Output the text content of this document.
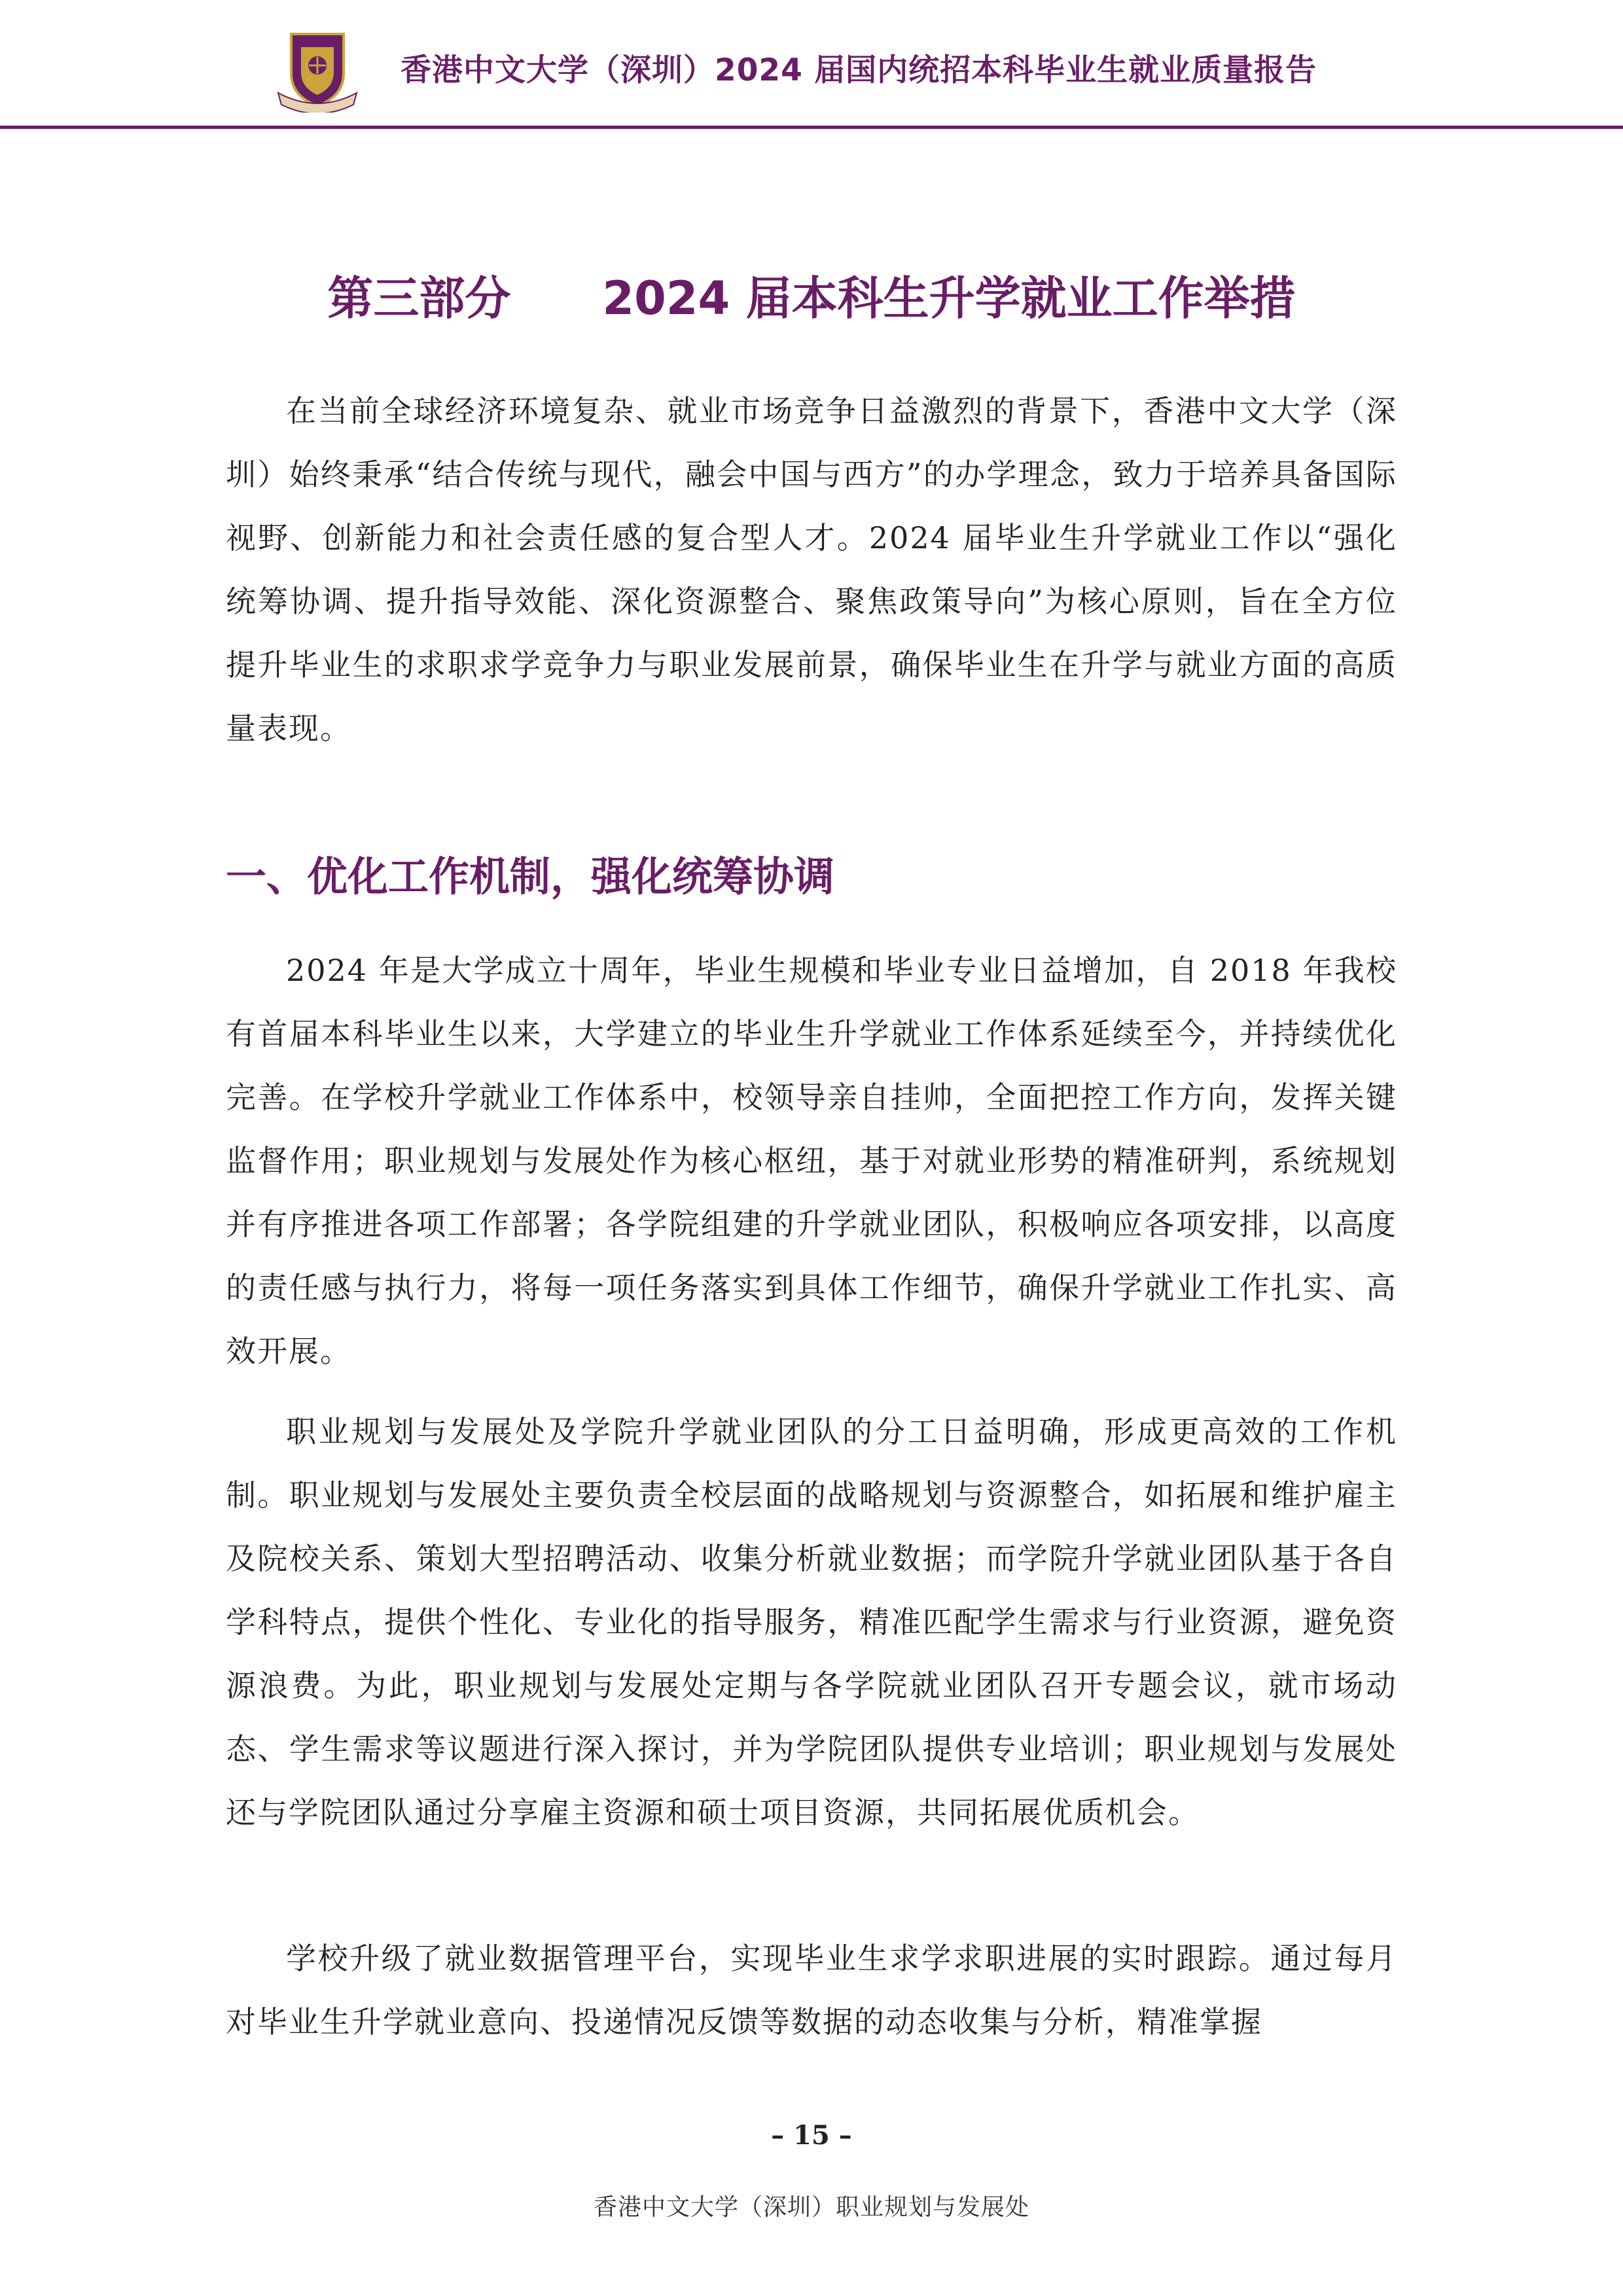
香港中文大学（深圳）2024 届国内统招本科毕业生就业质量报告
第三部分 2024 届本科生升学就业工作举措

在当前全球经济环境复杂、就业市场竞争日益激烈的背景下，香港中文大学（深圳）始终秉承“结合传统与现代，融会中国与西方”的办学理念，致力于培养具备国际视野、创新能力和社会责任感的复合型人才。2024 届毕业生升学就业工作以“强化统筹协调、提升指导效能、深化资源整合、聚焦政策导向”为核心原则，旨在全方位提升毕业生的求职求学竞争力与职业发展前景，确保毕业生在升学与就业方面的高质量表现。

一、优化工作机制，强化统筹协调

2024 年是大学成立十周年，毕业生规模和毕业专业日益增加，自 2018 年我校有首届本科毕业生以来，大学建立的毕业生升学就业工作体系延续至今，并持续优化完善。在学校升学就业工作体系中，校领导亲自挂帅，全面把控工作方向，发挥关键监督作用；职业规划与发展处作为核心枢纽，基于对就业形势的精准研判，系统规划并有序推进各项工作部署；各学院组建的升学就业团队，积极响应各项安排，以高度的责任感与执行力，将每一项任务落实到具体工作细节，确保升学就业工作扎实、高效开展。

职业规划与发展处及学院升学就业团队的分工日益明确，形成更高效的工作机制。职业规划与发展处主要负责全校层面的战略规划与资源整合，如拓展和维护雇主及院校关系、策划大型招聘活动、收集分析就业数据；而学院升学就业团队基于各自学科特点，提供个性化、专业化的指导服务，精准匹配学生需求与行业资源，避免资源浪费。为此，职业规划与发展处定期与各学院就业团队召开专题会议，就市场动态、学生需求等议题进行深入探讨，并为学院团队提供专业培训；职业规划与发展处还与学院团队通过分享雇主资源和硕士项目资源，共同拓展优质机会。

学校升级了就业数据管理平台，实现毕业生求学求职进展的实时跟踪。通过每月对毕业生升学就业意向、投递情况反馈等数据的动态收集与分析，精准掌握

– 15 –
香港中文大学（深圳）职业规划与发展处
